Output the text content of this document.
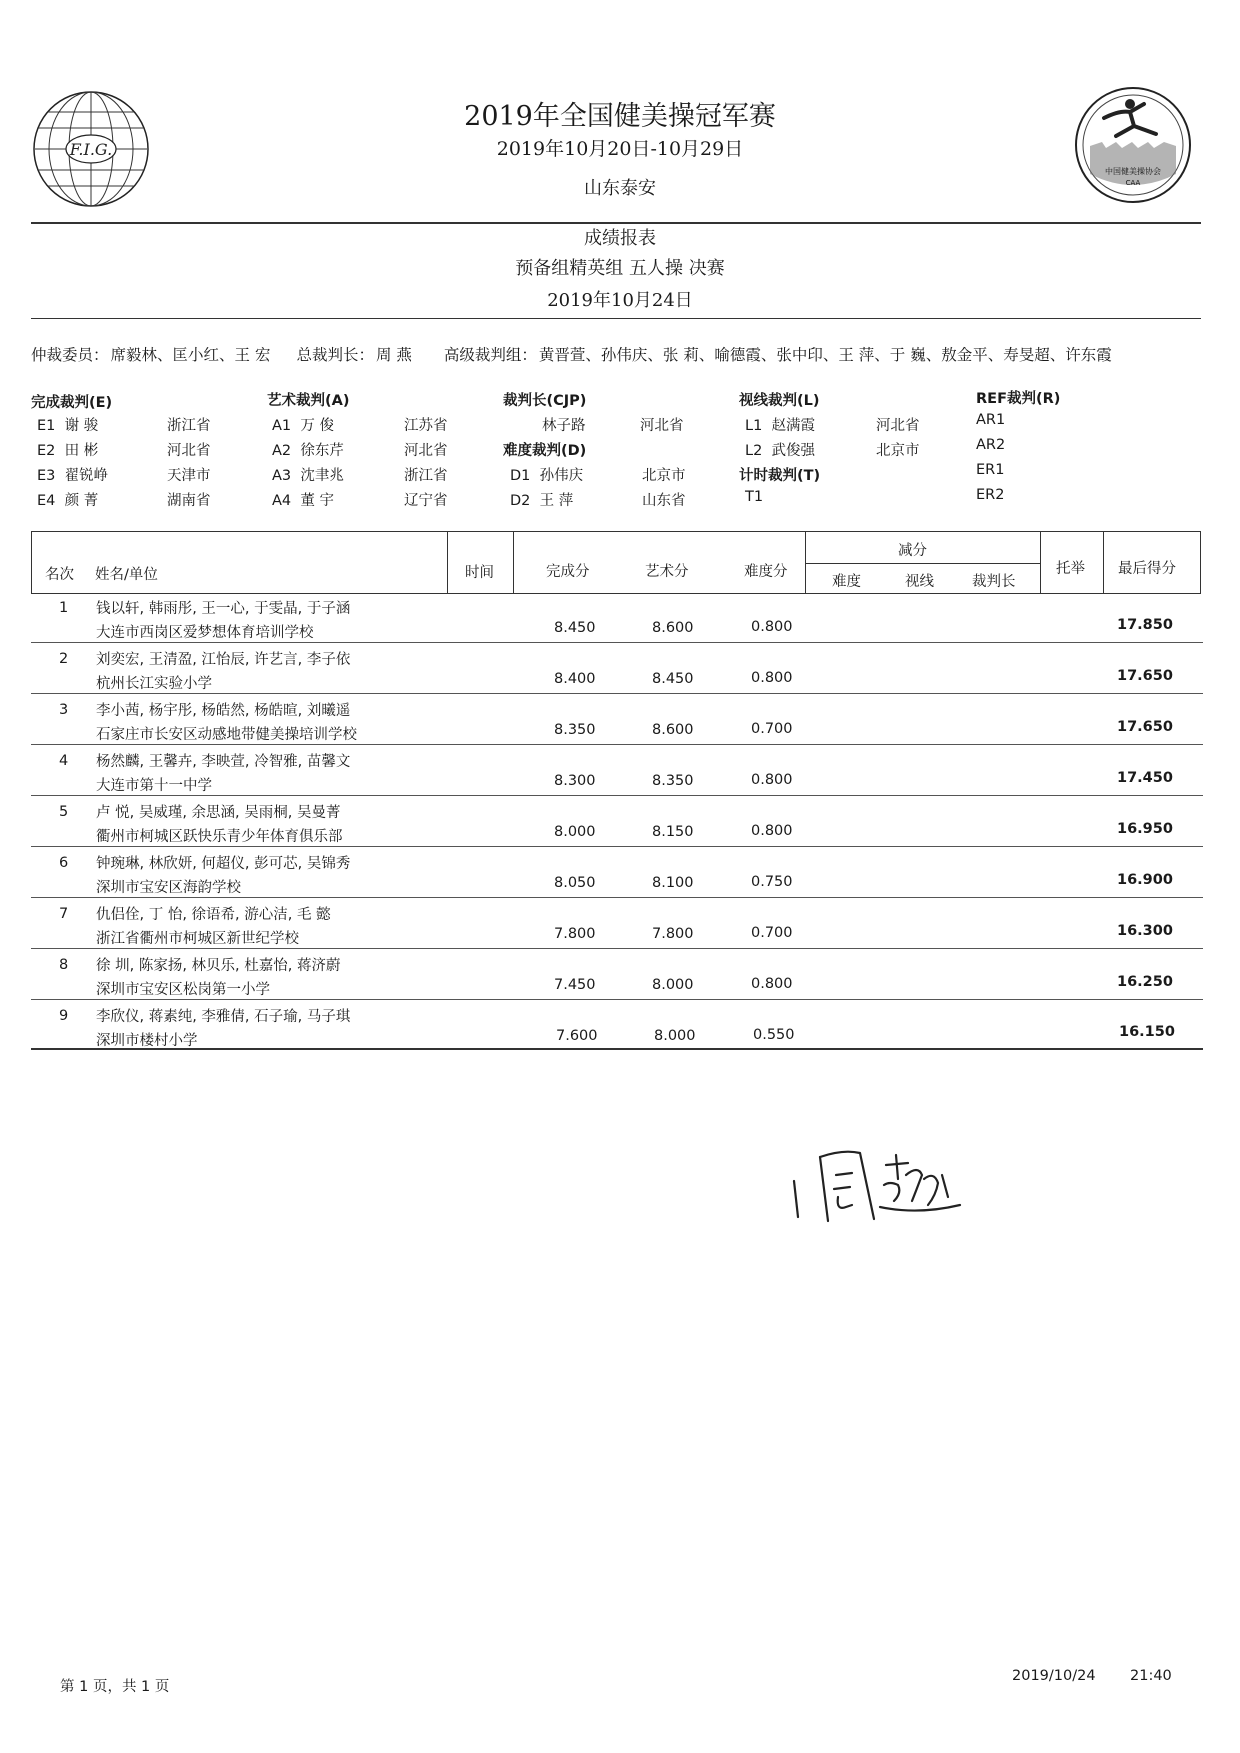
F.I.G.
中国健美操协会
CAA
2019年全国健美操冠军赛
2019年10月20日-10月29日
山东泰安
成绩报表
预备组精英组 五人操 决赛
2019年10月24日
仲裁委员： 席毅林、匡小红、王 宏 总裁判长： 周 燕 高级裁判组： 黄晋萱、孙伟庆、张 莉、喻德霞、张中印、王 萍、于 巍、敖金平、寿旻超、许东霞
完成裁判(E)
E1 谢 骏	浙江省
E2 田 彬	河北省
E3 翟锐峥	天津市
E4 颜 菁	湖南省
艺术裁判(A)
A1 万 俊	江苏省
A2 徐东芹	河北省
A3 沈聿兆	浙江省
A4 董 宇	辽宁省
裁判长(CJP)
林子路	河北省
难度裁判(D)
D1 孙伟庆	北京市
D2 王 萍	山东省
视线裁判(L)
L1 赵满霞	河北省
L2 武俊强	北京市
计时裁判(T)
T1
REF裁判(R)
AR1
AR2
ER1
ER2
名次 姓名/单位	时间	完成分	艺术分	难度分
减分
难度	视线	裁判长
托举 最后得分
1 钱以轩, 韩雨彤, 王一心, 于雯晶, 于子涵
大连市西岗区爱梦想体育培训学校	8.450	8.600	0.800	17.850
2 刘奕宏, 王清盈, 江怡辰, 许艺言, 李子依
杭州长江实验小学	8.400	8.450	0.800	17.650
3 李小茜, 杨宇彤, 杨皓然, 杨皓暄, 刘曦遥
石家庄市长安区动感地带健美操培训学校	8.350	8.600	0.700	17.650
4 杨然麟, 王馨卉, 李映萱, 冷智雅, 苗馨文
大连市第十一中学	8.300	8.350	0.800	17.450
5 卢 悦, 吴威瑾, 余思涵, 吴雨桐, 吴曼菁
衢州市柯城区跃快乐青少年体育俱乐部	8.000	8.150	0.800	16.950
6 钟琬琳, 林欣妍, 何超仪, 彭可芯, 吴锦秀
深圳市宝安区海韵学校	8.050	8.100	0.750	16.900
7 仇侣佺, 丁 怡, 徐语希, 游心洁, 毛 懿
浙江省衢州市柯城区新世纪学校	7.800	7.800	0.700	16.300
8 徐 圳, 陈家扬, 林贝乐, 杜嘉怡, 蒋济蔚
深圳市宝安区松岗第一小学	7.450	8.000	0.800	16.250
9 李欣仪, 蒋素纯, 李雅倩, 石子瑜, 马子琪
深圳市楼村小学	7.600	8.000	0.550	16.150
周燕
第 1 页，共 1 页
2019/10/24 21:40
